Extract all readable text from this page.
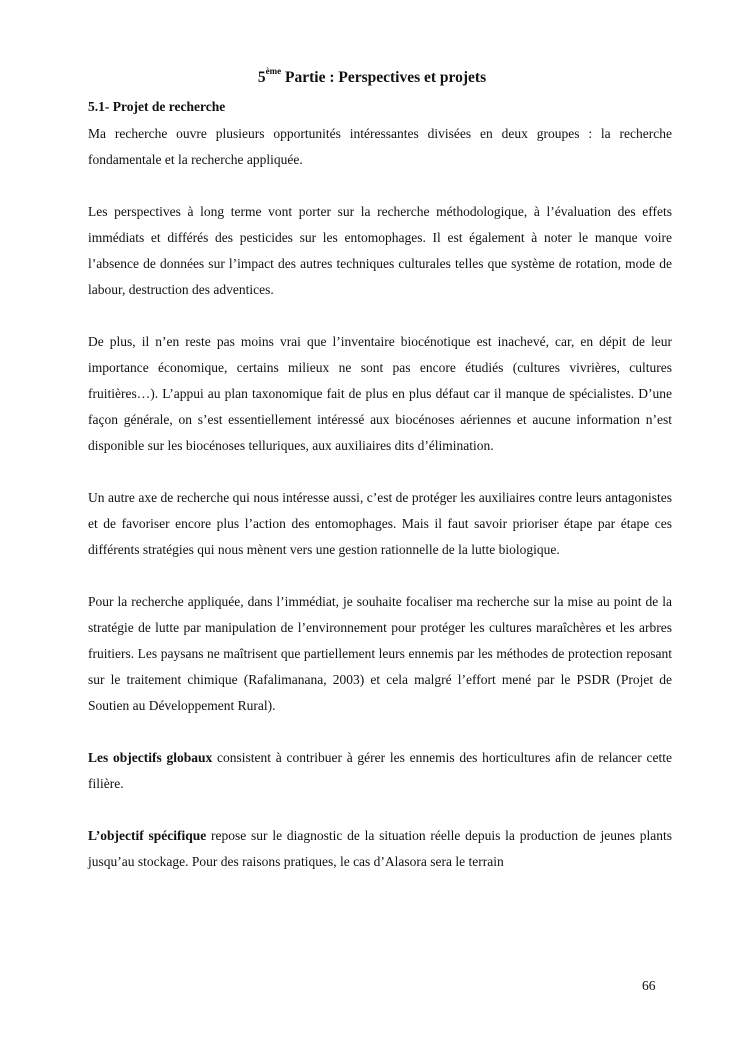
5ème Partie : Perspectives et projets
5.1- Projet de recherche

Ma recherche ouvre plusieurs opportunités intéressantes divisées en deux groupes : la recherche fondamentale et la recherche appliquée.

Les perspectives à long terme vont porter sur la recherche méthodologique, à l’évaluation des effets immédiats et différés des pesticides sur les entomophages. Il est également à noter le manque voire l’absence de données sur l’impact des autres techniques culturales telles que système de rotation, mode de labour, destruction des adventices.

De plus, il n’en reste pas moins vrai que l’inventaire biocénotique est inachevé, car, en dépit de leur importance économique, certains milieux ne sont pas encore étudiés (cultures vivrières, cultures fruitières…). L’appui au plan taxonomique fait de plus en plus défaut car il manque de spécialistes. D’une façon générale, on s’est essentiellement intéressé aux biocénoses aériennes et aucune information n’est disponible sur les biocénoses telluriques, aux auxiliaires dits d’élimination.

Un autre axe de recherche qui nous intéresse aussi, c’est de protéger les auxiliaires contre leurs antagonistes et de favoriser encore plus l’action des entomophages. Mais il faut savoir prioriser étape par étape ces différents stratégies qui nous mènent vers une gestion rationnelle de la lutte biologique.

Pour la recherche appliquée, dans l’immédiat, je souhaite focaliser ma recherche sur la mise au point de la stratégie de lutte par manipulation de l’environnement pour protéger les cultures maraîchères et les arbres fruitiers. Les paysans ne maîtrisent que partiellement leurs ennemis par les méthodes de protection reposant sur le traitement chimique (Rafalimanana, 2003) et cela malgré l’effort mené par le PSDR (Projet de Soutien au Développement Rural).

Les objectifs globaux consistent à contribuer à gérer les ennemis des horticultures afin de relancer cette filière.

L’objectif spécifique repose sur le diagnostic de la situation réelle depuis la production de jeunes plants jusqu’au stockage. Pour des raisons pratiques, le cas d’Alasora sera le terrain

66
